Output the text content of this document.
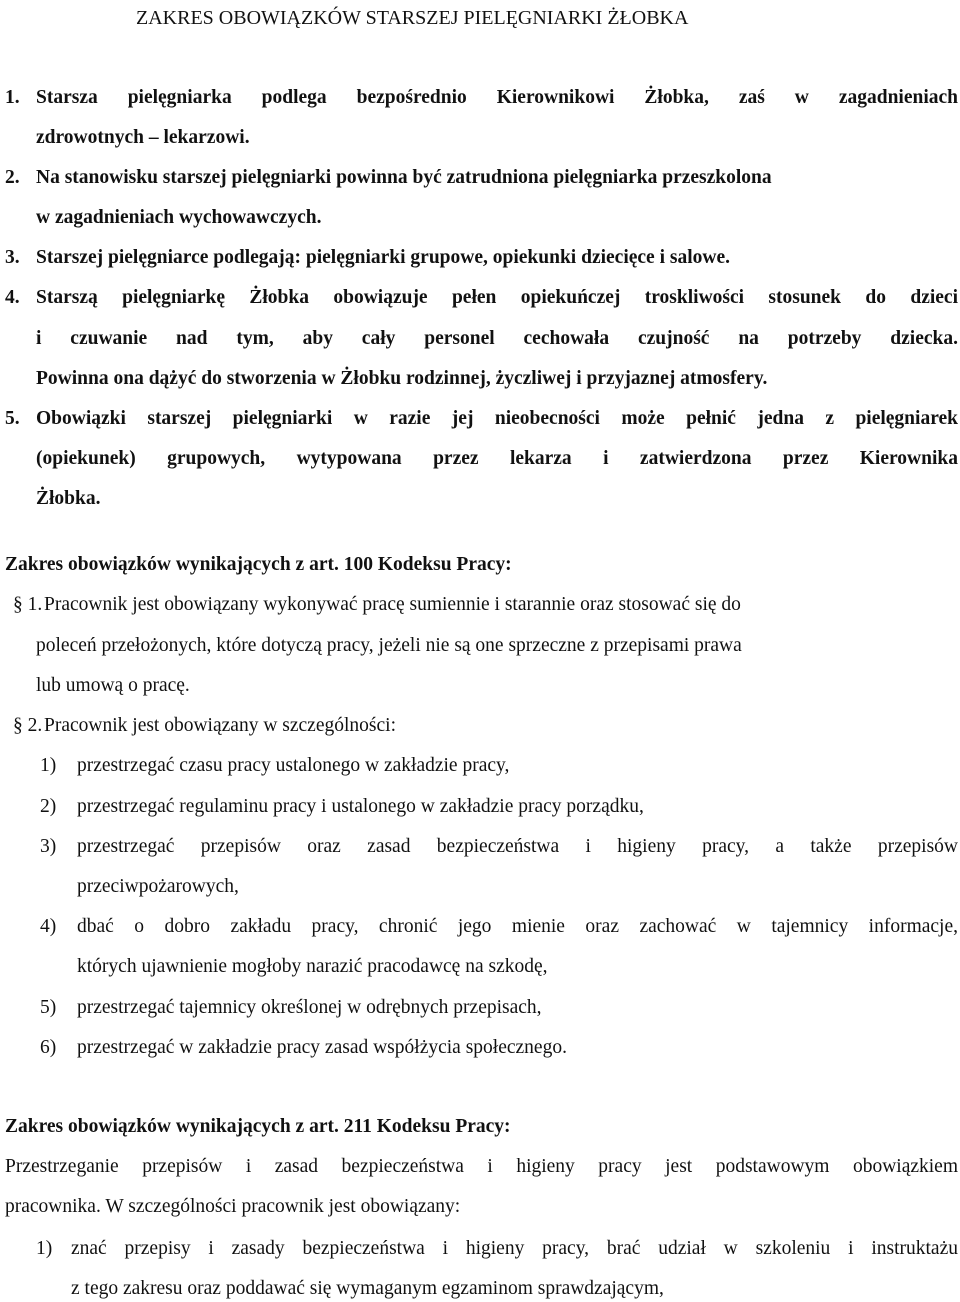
ZAKRES OBOWIĄZKÓW STARSZEJ PIELĘGNIARKI ŻŁOBKA
1. Starsza pielęgniarka podlega bezpośrednio Kierownikowi Żłobka, zaś w zagadnieniach
zdrowotnych – lekarzowi.
2. Na stanowisku starszej pielęgniarki powinna być zatrudniona pielęgniarka przeszkolona
w zagadnieniach wychowawczych.
3. Starszej pielęgniarce podlegają: pielęgniarki grupowe, opiekunki dziecięce i salowe.
4. Starszą pielęgniarkę Żłobka obowiązuje pełen opiekuńczej troskliwości stosunek do dzieci
i czuwanie nad tym, aby cały personel cechowała czujność na potrzeby dziecka.
Powinna ona dążyć do stworzenia w Żłobku rodzinnej, życzliwej i przyjaznej atmosfery.
5. Obowiązki starszej pielęgniarki w razie jej nieobecności może pełnić jedna z pielęgniarek
(opiekunek) grupowych, wytypowana przez lekarza i zatwierdzona przez Kierownika
Żłobka.
Zakres obowiązków wynikających z art. 100 Kodeksu Pracy:
§ 1. Pracownik jest obowiązany wykonywać pracę sumiennie i starannie oraz stosować się do
poleceń przełożonych, które dotyczą pracy, jeżeli nie są one sprzeczne z przepisami prawa
lub umową o pracę.
§ 2. Pracownik jest obowiązany w szczególności:
1) przestrzegać czasu pracy ustalonego w zakładzie pracy,
2) przestrzegać regulaminu pracy i ustalonego w zakładzie pracy porządku,
3) przestrzegać przepisów oraz zasad bezpieczeństwa i higieny pracy, a także przepisów
przeciwpożarowych,
4) dbać o dobro zakładu pracy, chronić jego mienie oraz zachować w tajemnicy informacje,
których ujawnienie mogłoby narazić pracodawcę na szkodę,
5) przestrzegać tajemnicy określonej w odrębnych przepisach,
6) przestrzegać w zakładzie pracy zasad współżycia społecznego.
Zakres obowiązków wynikających z art. 211 Kodeksu Pracy:
Przestrzeganie przepisów i zasad bezpieczeństwa i higieny pracy jest podstawowym obowiązkiem
pracownika. W szczególności pracownik jest obowiązany:
1) znać przepisy i zasady bezpieczeństwa i higieny pracy, brać udział w szkoleniu i instruktażu
z tego zakresu oraz poddawać się wymaganym egzaminom sprawdzającym,
